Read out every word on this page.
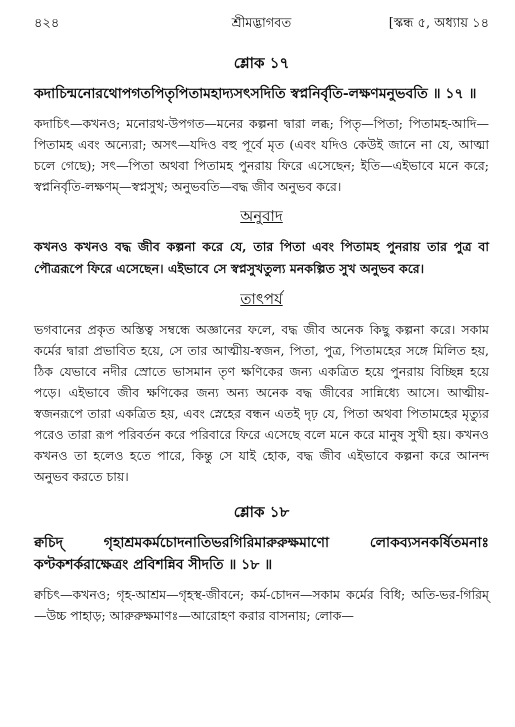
৪২৪	শ্রীমদ্ভাগবত	[স্কন্ধ ৫, অধ্যায় ১৪
শ্লোক ১৭

কদাচিন্মনোরথোপগতপিতৃপিতামহাদ্যসৎসদিতি স্বপ্ননির্বৃতি-লক্ষণমনুভবতি ॥ ১৭ ॥

কদাচিৎ—কখনও; মনোরথ-উপগত—মনের কল্পনা দ্বারা লব্ধ; পিতৃ—পিতা; পিতামহ-আদি—পিতামহ এবং অন্যেরা; অসৎ—যদিও বহু পূর্বে মৃত (এবং যদিও কেউই জানে না যে, আত্মা চলে গেছে); সৎ—পিতা অথবা পিতামহ পুনরায় ফিরে এসেছেন; ইতি—এইভাবে মনে করে; স্বপ্ননির্বৃতি-লক্ষণম্—স্বপ্নসুখ; অনুভবতি—বদ্ধ জীব অনুভব করে।

অনুবাদ

কখনও কখনও বদ্ধ জীব কল্পনা করে যে, তার পিতা এবং পিতামহ পুনরায় তার পুত্র বা পৌত্ররূপে ফিরে এসেছেন। এইভাবে সে স্বপ্নসুখতুল্য মনকল্পিত সুখ অনুভব করে।

তাৎপর্য

ভগবানের প্রকৃত অস্তিত্ব সম্বন্ধে অজ্ঞানের ফলে, বদ্ধ জীব অনেক কিছু কল্পনা করে। সকাম কর্মের দ্বারা প্রভাবিত হয়ে, সে তার আত্মীয়-স্বজন, পিতা, পুত্র, পিতামহের সঙ্গে মিলিত হয়, ঠিক যেভাবে নদীর স্রোতে ভাসমান তৃণ ক্ষণিকের জন্য একত্রিত হয়ে পুনরায় বিচ্ছিন্ন হয়ে পড়ে। এইভাবে জীব ক্ষণিকের জন্য অন্য অনেক বদ্ধ জীবের সান্নিধ্যে আসে। আত্মীয়-স্বজনরূপে তারা একত্রিত হয়, এবং স্নেহের বন্ধন এতই দৃঢ় যে, পিতা অথবা পিতামহের মৃত্যুর পরেও তারা রূপ পরিবর্তন করে পরিবারে ফিরে এসেছে বলে মনে করে মানুষ সুখী হয়। কখনও কখনও তা হলেও হতে পারে, কিন্তু সে যাই হোক, বদ্ধ জীব এইভাবে কল্পনা করে আনন্দ অনুভব করতে চায়।

শ্লোক ১৮

ক্বচিদ্ গৃহাশ্রমকর্মচোদনাতিভরগিরিমারুরুক্ষমাণো লোকব্যসনকর্ষিতমনাঃ কণ্টকশর্করাক্ষেত্রং প্রবিশন্নিব সীদতি ॥ ১৮ ॥

ক্বচিৎ—কখনও; গৃহ-আশ্রম—গৃহস্থ-জীবনে; কর্ম-চোদন—সকাম কর্মের বিধি; অতি-ভর-গিরিম্—উচ্চ পাহাড়; আরুরুক্ষমাণঃ—আরোহণ করার বাসনায়; লোক—
